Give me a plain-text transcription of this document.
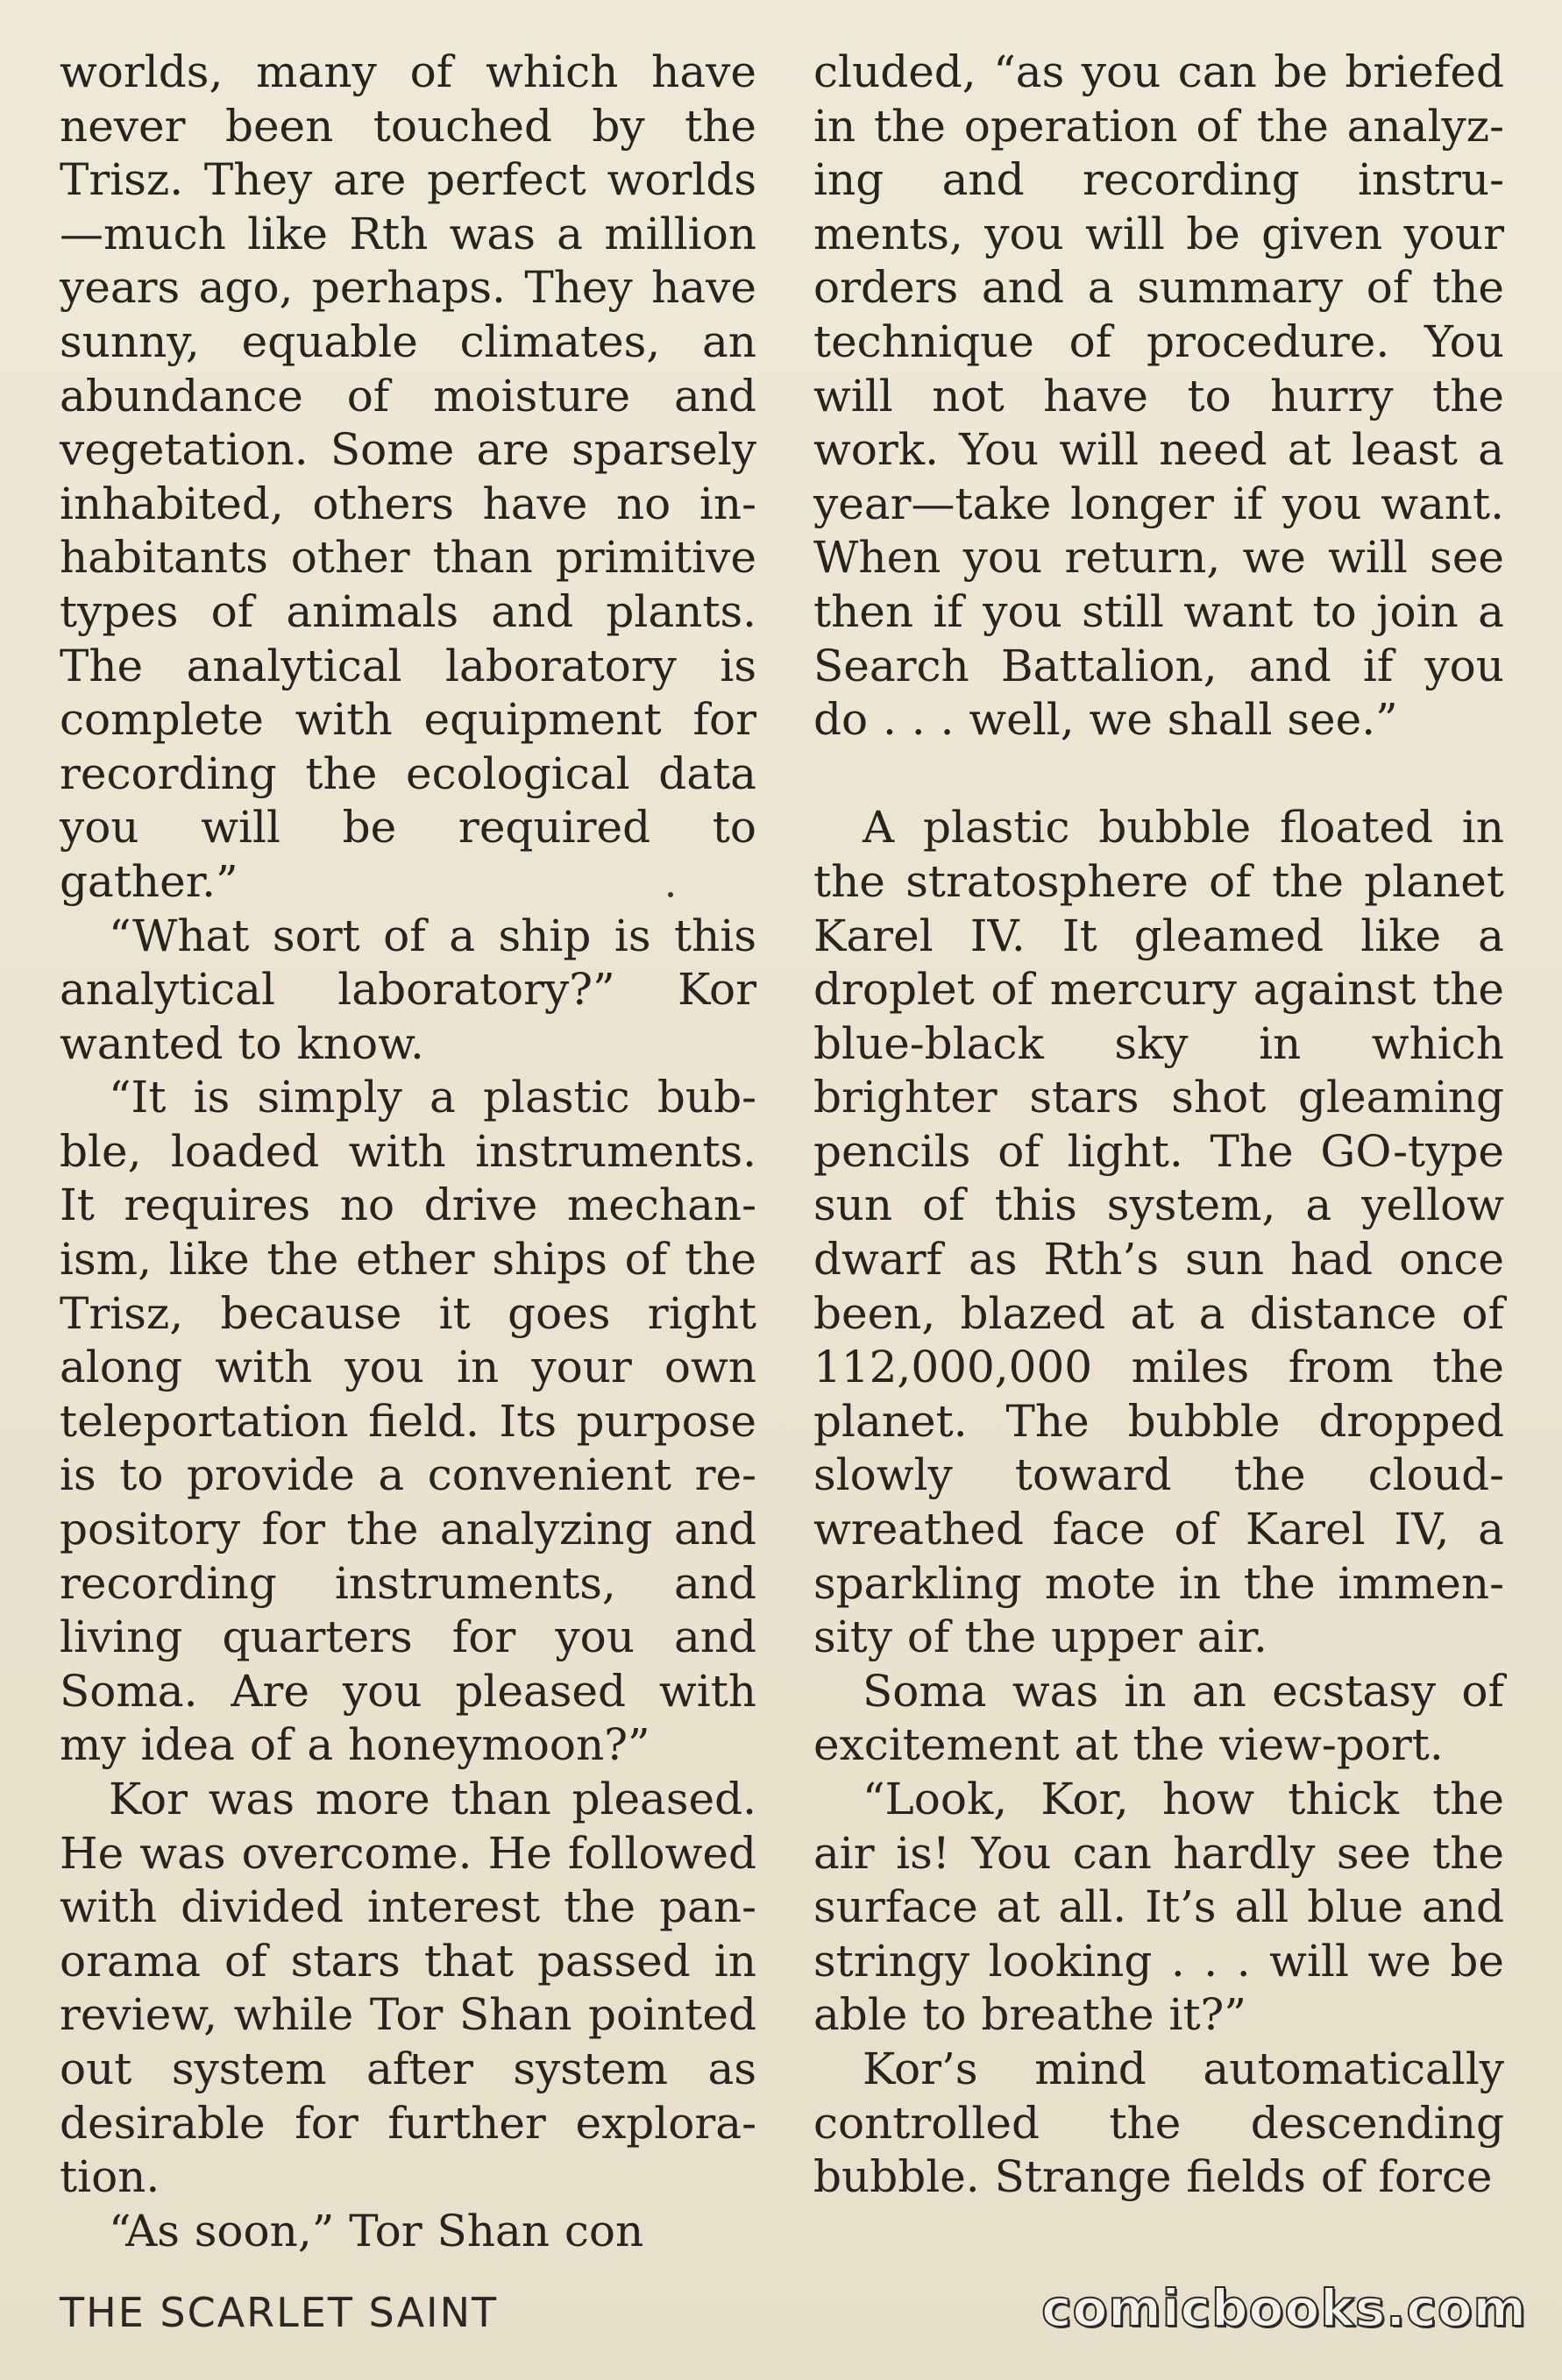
worlds, many of which have never been touched by the Trisz. They are perfect worlds —much like Rth was a million years ago, perhaps. They have sunny, equable climates, an abundance of moisture and vegetation. Some are sparsely inhabited, others have no inhabitants other than primitive types of animals and plants. The analytical laboratory is complete with equipment for recording the ecological data you will be required to gather.”

“What sort of a ship is this analytical laboratory?” Kor wanted to know.

“It is simply a plastic bubble, loaded with instruments. It requires no drive mechanism, like the ether ships of the Trisz, because it goes right along with you in your own teleportation field. Its purpose is to provide a convenient repository for the analyzing and recording instruments, and living quarters for you and Soma. Are you pleased with my idea of a honeymoon?”

Kor was more than pleased. He was overcome. He followed with divided interest the panorama of stars that passed in review, while Tor Shan pointed out system after system as desirable for further exploration.

“As soon,” Tor Shan con

cluded, “as you can be briefed in the operation of the analyzing and recording instruments, you will be given your orders and a summary of the technique of procedure. You will not have to hurry the work. You will need at least a year—take longer if you want. When you return, we will see then if you still want to join a Search Battalion, and if you do . . . well, we shall see.”

A plastic bubble floated in the stratosphere of the planet Karel IV. It gleamed like a droplet of mercury against the blue-black sky in which brighter stars shot gleaming pencils of light. The GO-type sun of this system, a yellow dwarf as Rth’s sun had once been, blazed at a distance of 112,000,000 miles from the planet. The bubble dropped slowly toward the cloudwreathed face of Karel IV, a sparkling mote in the immensity of the upper air.

Soma was in an ecstasy of excitement at the view-port.

“Look, Kor, how thick the air is! You can hardly see the surface at all. It’s all blue and stringy looking . . . will we be able to breathe it?”

Kor’s mind automatically controlled the descending bubble. Strange fields of force

THE SCARLET SAINT	comicbooks.com
